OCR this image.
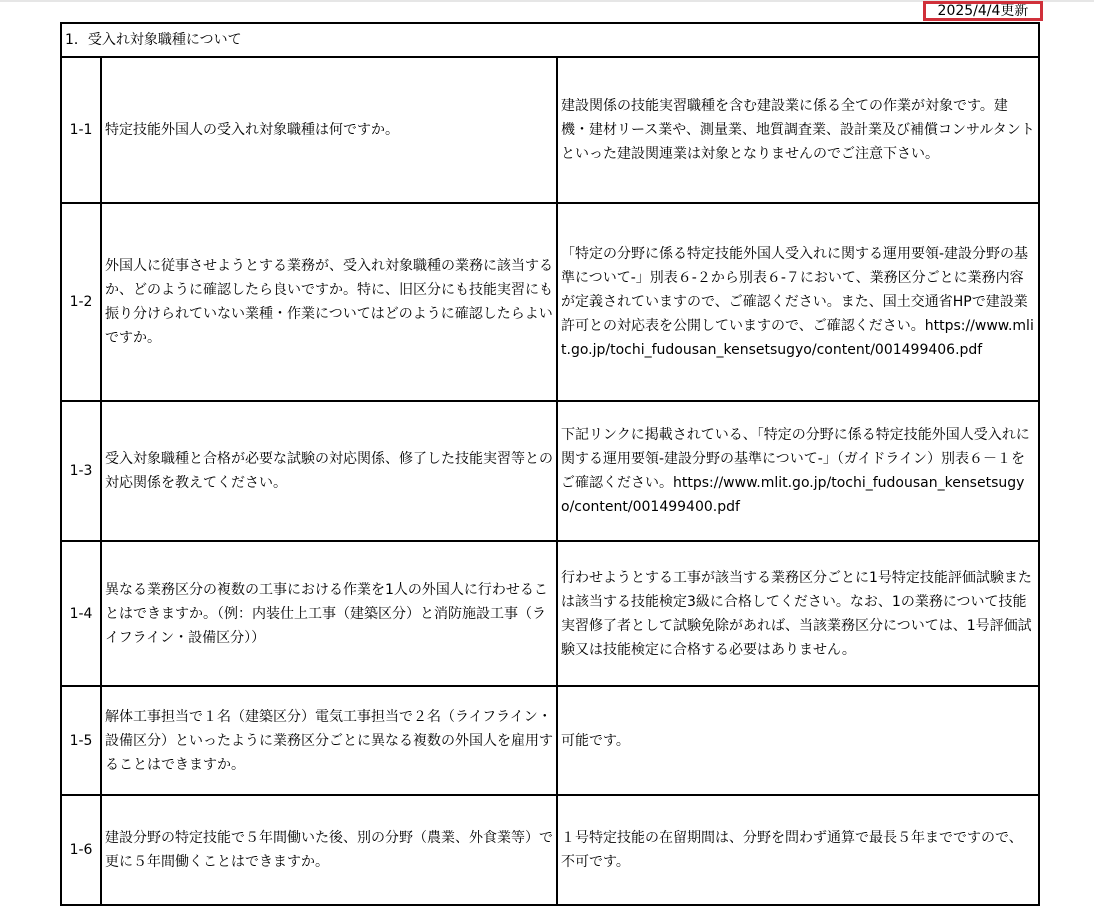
2025/4/4更新
1．受入れ対象職種について		
1-1	特定技能外国人の受入れ対象職種は何ですか。	建設関係の技能実習職種を含む建設業に係る全ての作業が対象です。建機・建材リース業や、測量業、地質調査業、設計業及び補償コンサルタントといった建設関連業は対象となりませんのでご注意下さい。
1-2	外国人に従事させようとする業務が、受入れ対象職種の業務に該当するか、どのように確認したら良いですか。特に、旧区分にも技能実習にも振り分けられていない業種・作業についてはどのように確認したらよいですか。	「特定の分野に係る特定技能外国人受入れに関する運用要領-建設分野の基準について-」別表６-２から別表６-７において、業務区分ごとに業務内容が定義されていますので、ご確認ください。また、国土交通省HPで建設業許可との対応表を公開していますので、ご確認ください。https://www.mlit.go.jp/tochi_fudousan_kensetsugyo/content/001499406.pdf
1-3	受入対象職種と合格が必要な試験の対応関係、修了した技能実習等との対応関係を教えてください。	下記リンクに掲載されている、「特定の分野に係る特定技能外国人受入れに関する運用要領-建設分野の基準について-」（ガイドライン）別表６－１をご確認ください。https://www.mlit.go.jp/tochi_fudousan_kensetsugyo/content/001499400.pdf
1-4	異なる業務区分の複数の工事における作業を1人の外国人に行わせることはできますか。（例：内装仕上工事（建築区分）と消防施設工事（ライフライン・設備区分））	行わせようとする工事が該当する業務区分ごとに1号特定技能評価試験または該当する技能検定3級に合格してください。なお、1の業務について技能実習修了者として試験免除があれば、当該業務区分については、1号評価試験又は技能検定に合格する必要はありません。
1-5	解体工事担当で１名（建築区分）電気工事担当で２名（ライフライン・設備区分）といったように業務区分ごとに異なる複数の外国人を雇用することはできますか。	可能です。
1-6	建設分野の特定技能で５年間働いた後、別の分野（農業、外食業等）で更に５年間働くことはできますか。	１号特定技能の在留期間は、分野を問わず通算で最長５年までですので、不可です。
